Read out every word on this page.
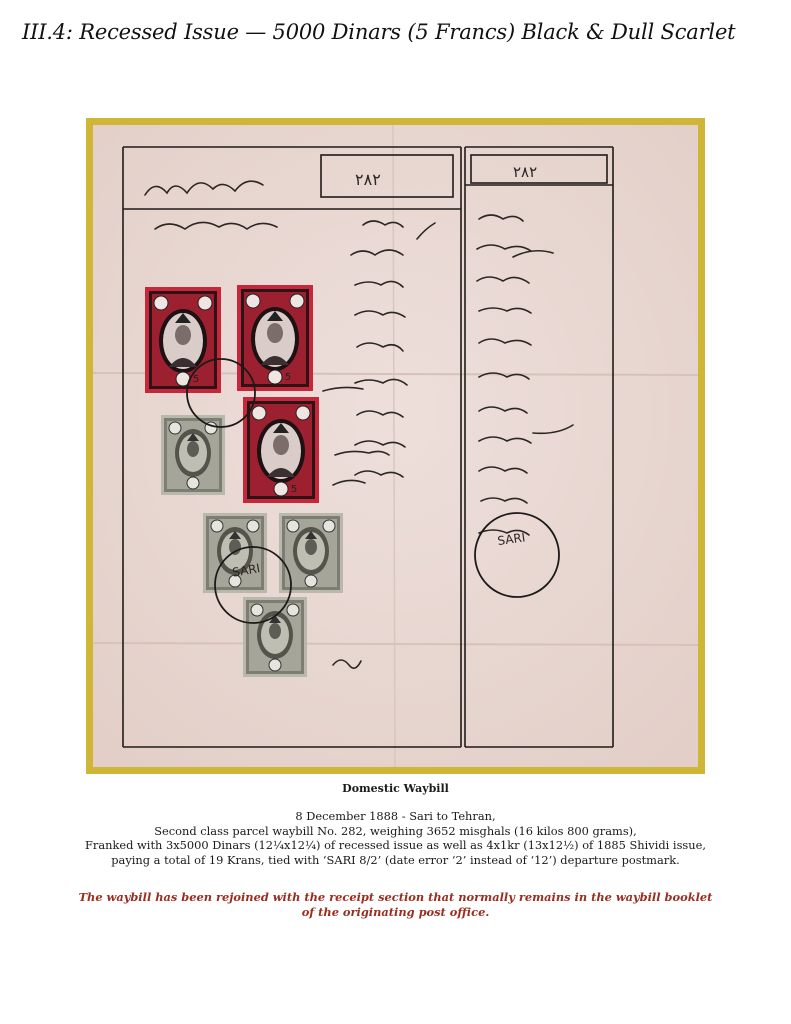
III.4: Recessed Issue — 5000 Dinars (5 Francs) Black & Dull Scarlet
۲۸۲	۲۸۲
5	5
5
SARI
SARI
Domestic Waybill
8 December 1888 - Sari to Tehran,
Second class parcel waybill No. 282, weighing 3652 misghals (16 kilos 800 grams),
Franked with 3x5000 Dinars (12¼x12¼) of recessed issue as well as 4x1kr (13x12½) of 1885 Shividi issue,
paying a total of 19 Krans, tied with ‘SARI 8/2’ (date error ‘2’ instead of ‘12’) departure postmark.
The waybill has been rejoined with the receipt section that normally remains in the waybill booklet
of the originating post office.
